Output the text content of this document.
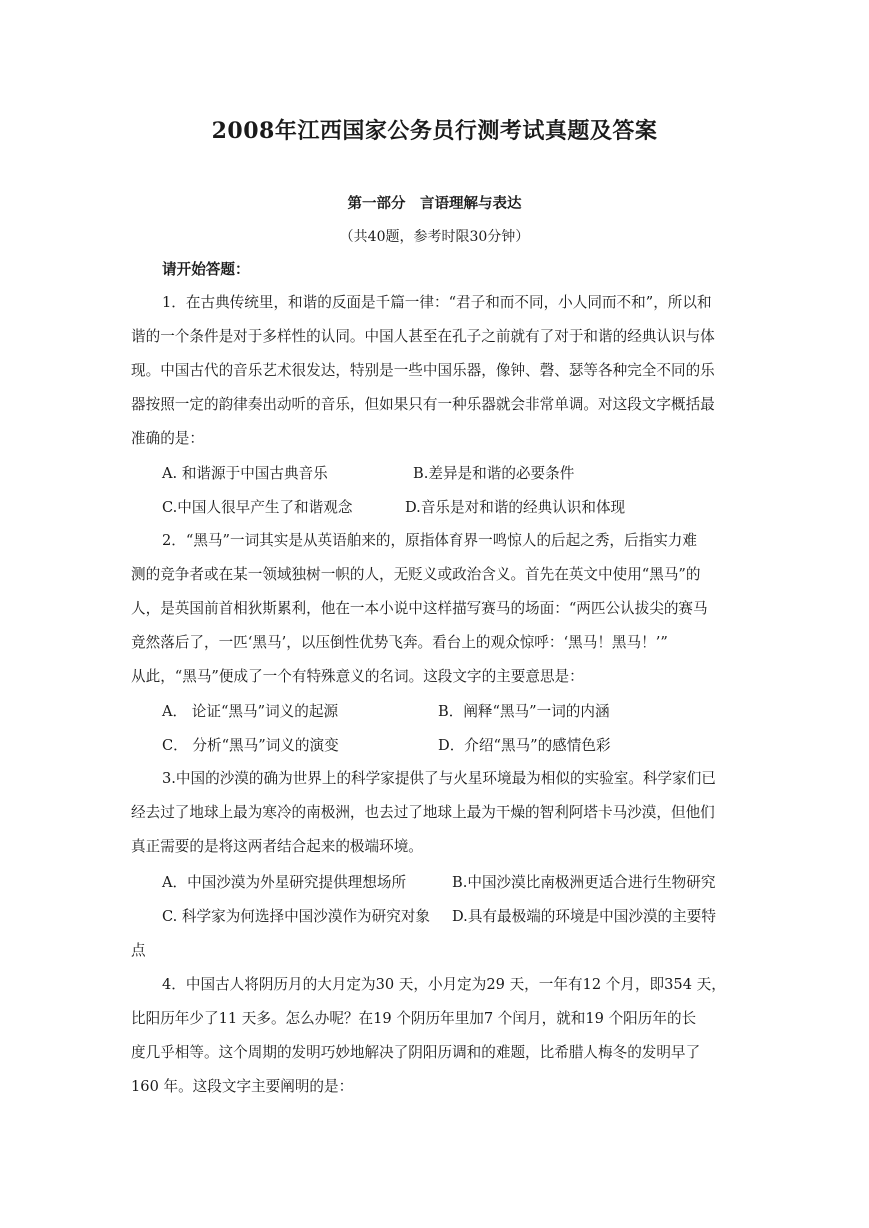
2008年江西国家公务员行测考试真题及答案
第一部分　言语理解与表达
（共40题，参考时限30分钟）
请开始答题：
1．在古典传统里，和谐的反面是千篇一律：“君子和而不同，小人同而不和”，所以和
谐的一个条件是对于多样性的认同。中国人甚至在孔子之前就有了对于和谐的经典认识与体
现。中国古代的音乐艺术很发达，特别是一些中国乐器，像钟、磬、瑟等各种完全不同的乐
器按照一定的韵律奏出动听的音乐，但如果只有一种乐器就会非常单调。对这段文字概括最
准确的是：
A. 和谐源于中国古典音乐	B.差异是和谐的必要条件
C.中国人很早产生了和谐观念	D.音乐是对和谐的经典认识和体现
2．“黑马”一词其实是从英语舶来的，原指体育界一鸣惊人的后起之秀，后指实力难
测的竞争者或在某一领域独树一帜的人，无贬义或政治含义。首先在英文中使用“黑马”的
人，是英国前首相狄斯累利，他在一本小说中这样描写赛马的场面：“两匹公认拔尖的赛马
竟然落后了，一匹‘黑马’，以压倒性优势飞奔。看台上的观众惊呼：‘黑马！黑马！’”
从此，“黑马”便成了一个有特殊意义的名词。这段文字的主要意思是：
A． 论证“黑马”词义的起源	B．阐释“黑马”一词的内涵
C． 分析“黑马”词义的演变	D．介绍“黑马”的感情色彩
3.中国的沙漠的确为世界上的科学家提供了与火星环境最为相似的实验室。科学家们已
经去过了地球上最为寒冷的南极洲，也去过了地球上最为干燥的智利阿塔卡马沙漠，但他们
真正需要的是将这两者结合起来的极端环境。
A．中国沙漠为外星研究提供理想场所	B.中国沙漠比南极洲更适合进行生物研究
C. 科学家为何选择中国沙漠作为研究对象 D.具有最极端的环境是中国沙漠的主要特
点
4．中国古人将阴历月的大月定为30 天，小月定为29 天，一年有12 个月，即354 天，
比阳历年少了11 天多。怎么办呢？在19 个阴历年里加7 个闰月，就和19 个阳历年的长
度几乎相等。这个周期的发明巧妙地解决了阴阳历调和的难题，比希腊人梅冬的发明早了
160 年。这段文字主要阐明的是：
